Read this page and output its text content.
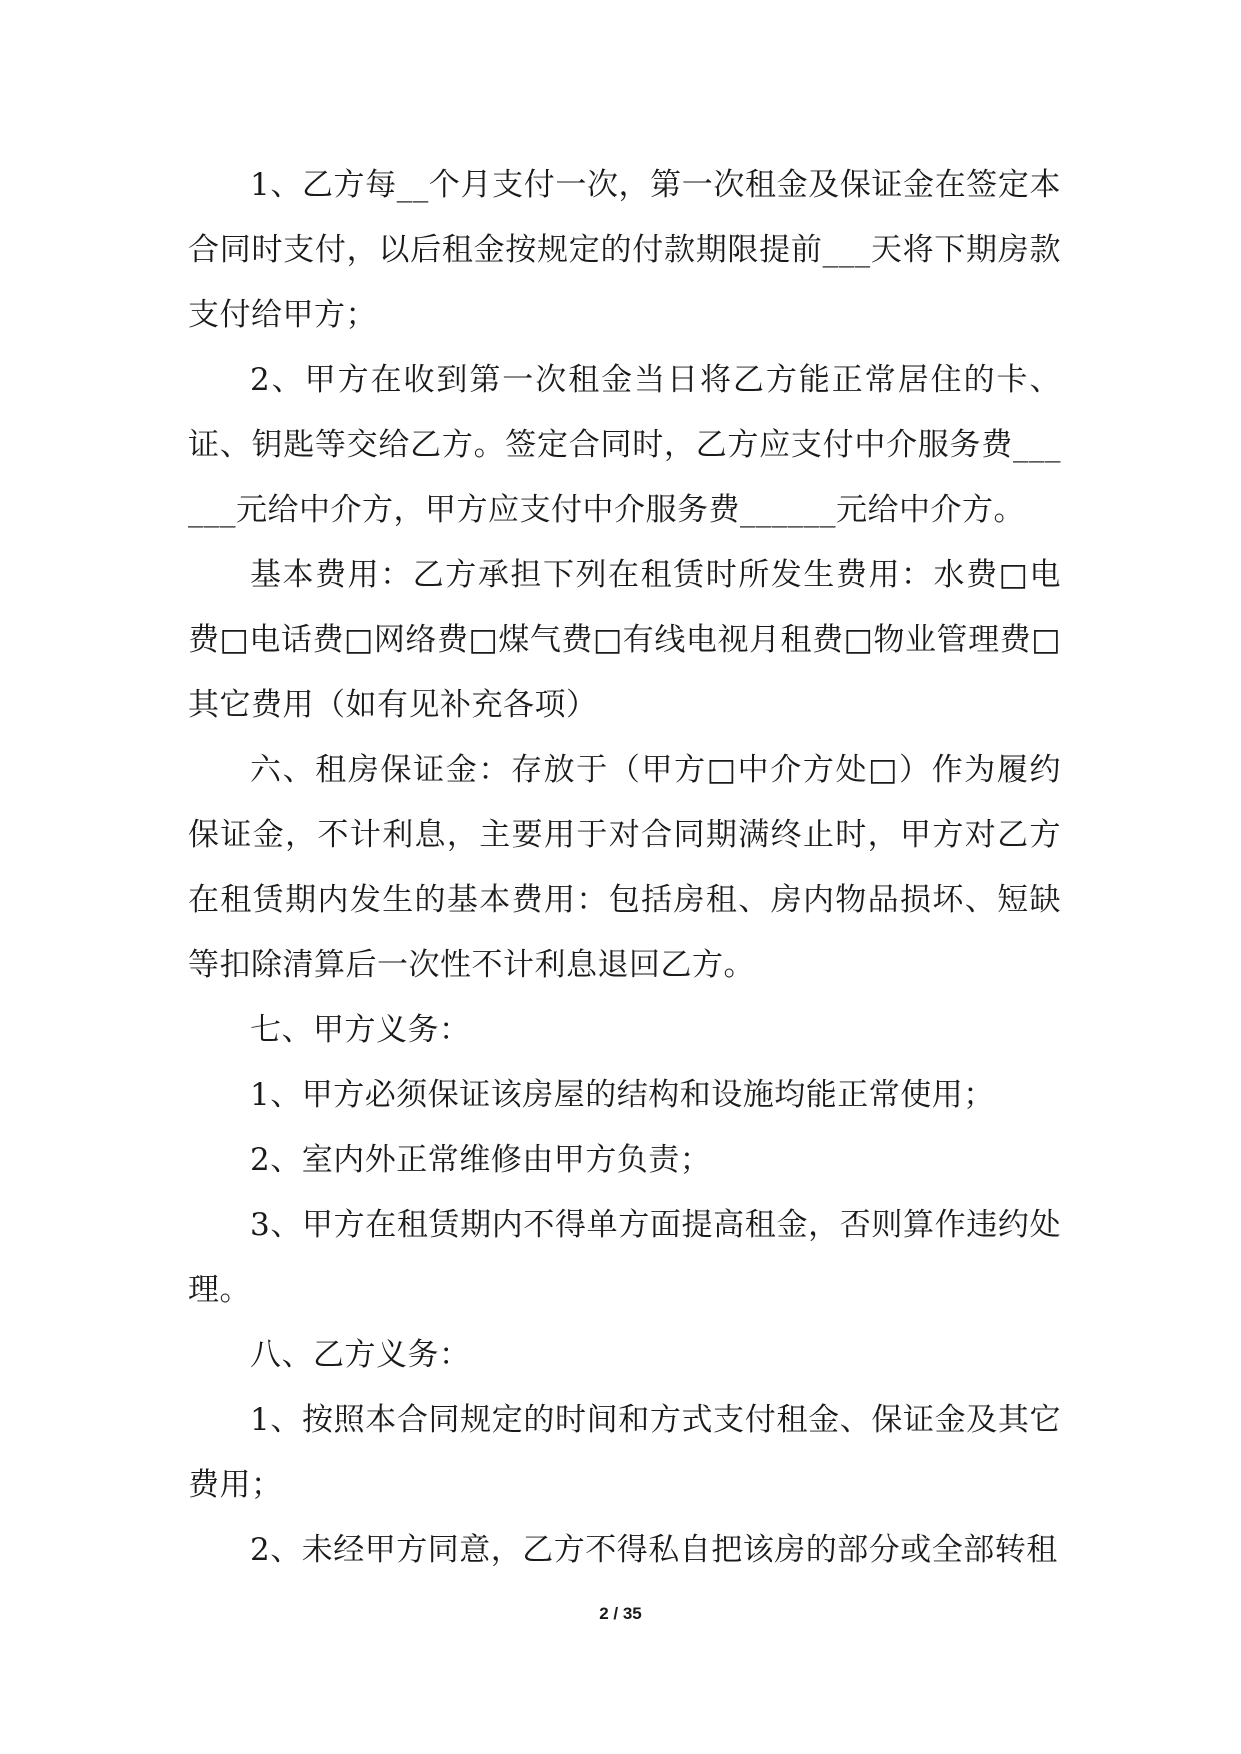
1、乙方每__个月支付一次，第一次租金及保证金在签定本合同时支付，以后租金按规定的付款期限提前___天将下期房款支付给甲方；

2、甲方在收到第一次租金当日将乙方能正常居住的卡、证、钥匙等交给乙方。签定合同时，乙方应支付中介服务费______元给中介方，甲方应支付中介服务费______元给中介方。

基本费用：乙方承担下列在租赁时所发生费用：水费□电费□电话费□网络费□煤气费□有线电视月租费□物业管理费□其它费用（如有见补充各项）

六、租房保证金：存放于（甲方□中介方处□）作为履约保证金，不计利息，主要用于对合同期满终止时，甲方对乙方在租赁期内发生的基本费用：包括房租、房内物品损坏、短缺等扣除清算后一次性不计利息退回乙方。

七、甲方义务：

1、甲方必须保证该房屋的结构和设施均能正常使用；

2、室内外正常维修由甲方负责；

3、甲方在租赁期内不得单方面提高租金，否则算作违约处理。

八、乙方义务：

1、按照本合同规定的时间和方式支付租金、保证金及其它费用；

2、未经甲方同意，乙方不得私自把该房的部分或全部转租

2 / 35
